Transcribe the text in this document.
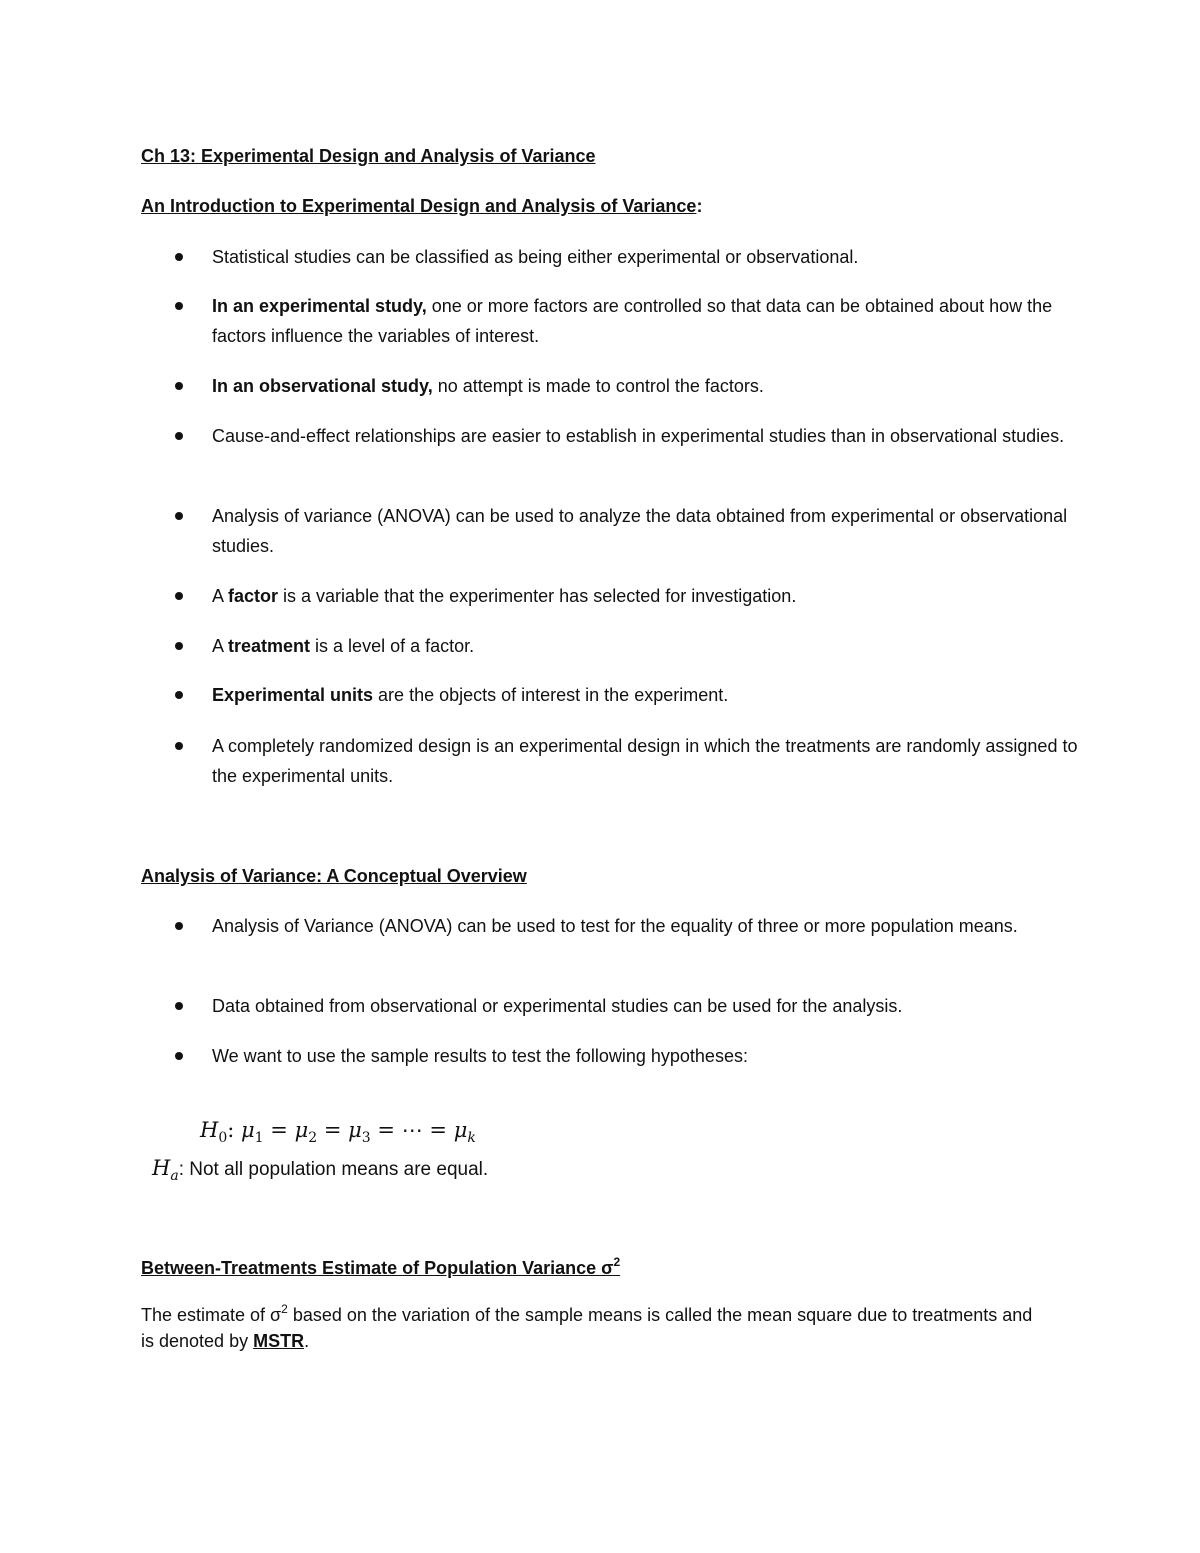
Ch 13: Experimental Design and Analysis of Variance
An Introduction to Experimental Design and Analysis of Variance:
Statistical studies can be classified as being either experimental or observational.
In an experimental study, one or more factors are controlled so that data can be obtained about how the factors influence the variables of interest.
In an observational study, no attempt is made to control the factors.
Cause-and-effect relationships are easier to establish in experimental studies than in observational studies.
Analysis of variance (ANOVA) can be used to analyze the data obtained from experimental or observational studies.
A factor is a variable that the experimenter has selected for investigation.
A treatment is a level of a factor.
Experimental units are the objects of interest in the experiment.
A completely randomized design is an experimental design in which the treatments are randomly assigned to the experimental units.
Analysis of Variance: A Conceptual Overview
Analysis of Variance (ANOVA) can be used to test for the equality of three or more population means.
Data obtained from observational or experimental studies can be used for the analysis.
We want to use the sample results to test the following hypotheses:
$H_0$: $\mu_1 = \mu_2 = \mu_3$ = ⋯ = $\mu_k$
$H_a$: Not all population means are equal.
Between-Treatments Estimate of Population Variance $\sigma^2$
The estimate of $\sigma^2$ based on the variation of the sample means is called the mean square due to treatments and is denoted by MSTR.
